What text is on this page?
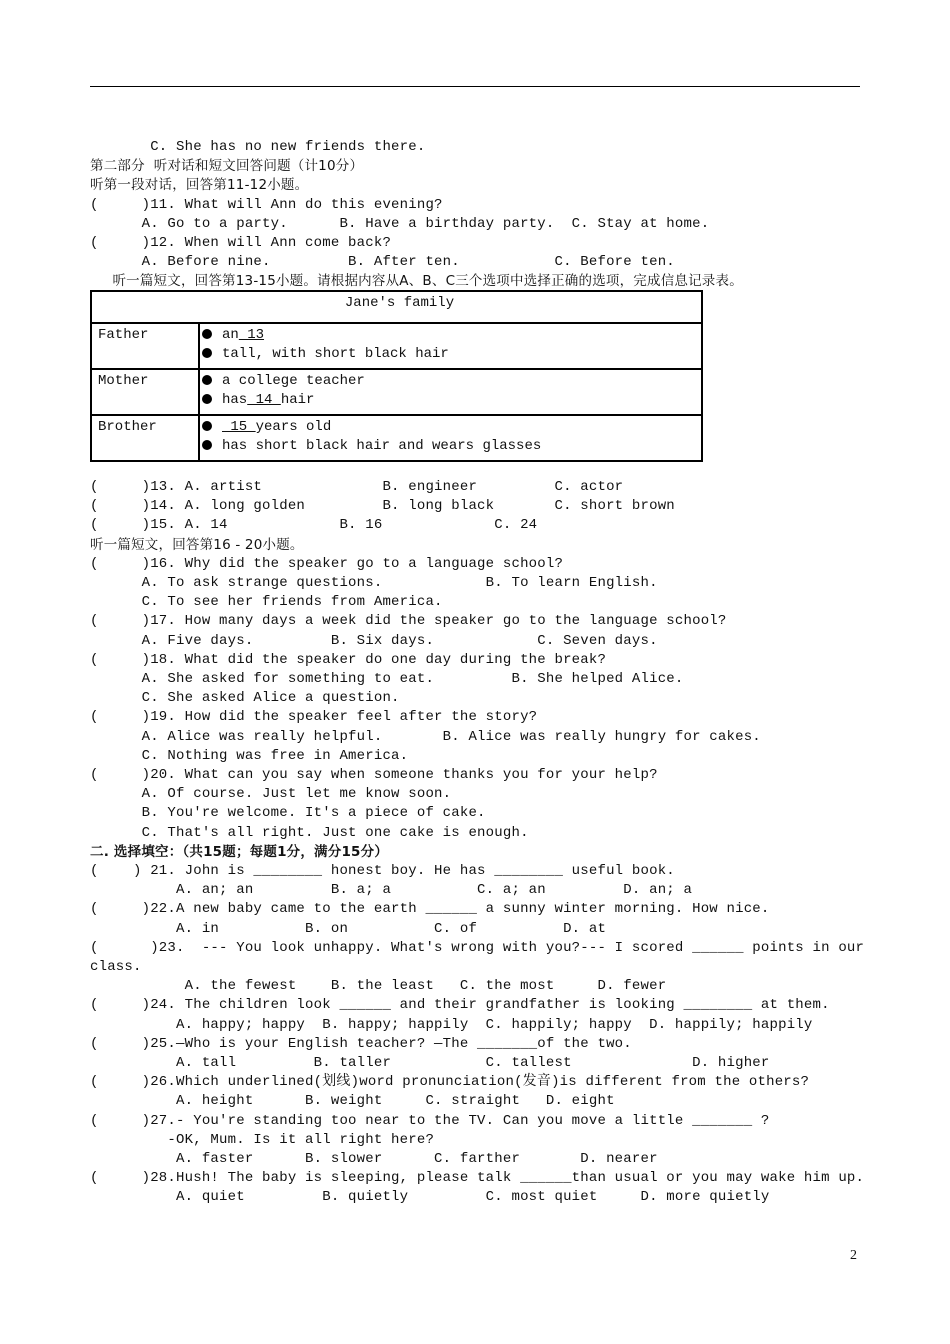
Jane's family	
Father	an 13
tall, with short black hair

Mother	a college teacher
has 14 hair

Brother	15 years old
has short black hair and wears glasses
2
C. She has no new friends there.
第二部分  听对话和短文回答问题（计10分）
听第一段对话，回答第11-12小题。
(     )11. What will Ann do this evening?
A. Go to a party.      B. Have a birthday party.  C. Stay at home.
(     )12. When will Ann come back?
A. Before nine.         B. After ten.           C. Before ten.
听一篇短文，回答第13-15小题。请根据内容从A、B、C三个选项中选择正确的选项，完成信息记录表。
(     )13. A. artist              B. engineer         C. actor
(     )14. A. long golden         B. long black       C. short brown
(     )15. A. 14             B. 16             C. 24
听一篇短文，回答第16 - 20小题。
(     )16. Why did the speaker go to a language school?
A. To ask strange questions.            B. To learn English.
C. To see her friends from America.
(     )17. How many days a week did the speaker go to the language school?
A. Five days.         B. Six days.            C. Seven days.
(     )18. What did the speaker do one day during the break?
A. She asked for something to eat.         B. She helped Alice.
C. She asked Alice a question.
(     )19. How did the speaker feel after the story?
A. Alice was really helpful.       B. Alice was really hungry for cakes.
C. Nothing was free in America.
(     )20. What can you say when someone thanks you for your help?
A. Of course. Just let me know soon.
B. You're welcome. It's a piece of cake.
C. That's all right. Just one cake is enough.
二. 选择填空：（共15题；每题1分，满分15分）
(    ) 21. John is ________ honest boy. He has ________ useful book.
A. an; an         B. a; a          C. a; an         D. an; a
(     )22.A new baby came to the earth ______ a sunny winter morning. How nice.
A. in          B. on          C. of          D. at
(      )23.  --- You look unhappy. What's wrong with you?--- I scored ______ points in our
class.
A. the fewest    B. the least   C. the most     D. fewer
(     )24. The children look ______ and their grandfather is looking ________ at them.
A. happy; happy  B. happy; happily  C. happily; happy  D. happily; happily
(     )25.—Who is your English teacher? —The _______of the two.
A. tall         B. taller           C. tallest              D. higher
(     )26.Which underlined(划线)word pronunciation(发音)is different from the others?
A. height      B. weight     C. straight   D. eight
(     )27.- You're standing too near to the TV. Can you move a little _______ ?
-OK, Mum. Is it all right here?
A. faster      B. slower      C. farther       D. nearer
(     )28.Hush! The baby is sleeping, please talk ______than usual or you may wake him up.
A. quiet         B. quietly         C. most quiet     D. more quietly
